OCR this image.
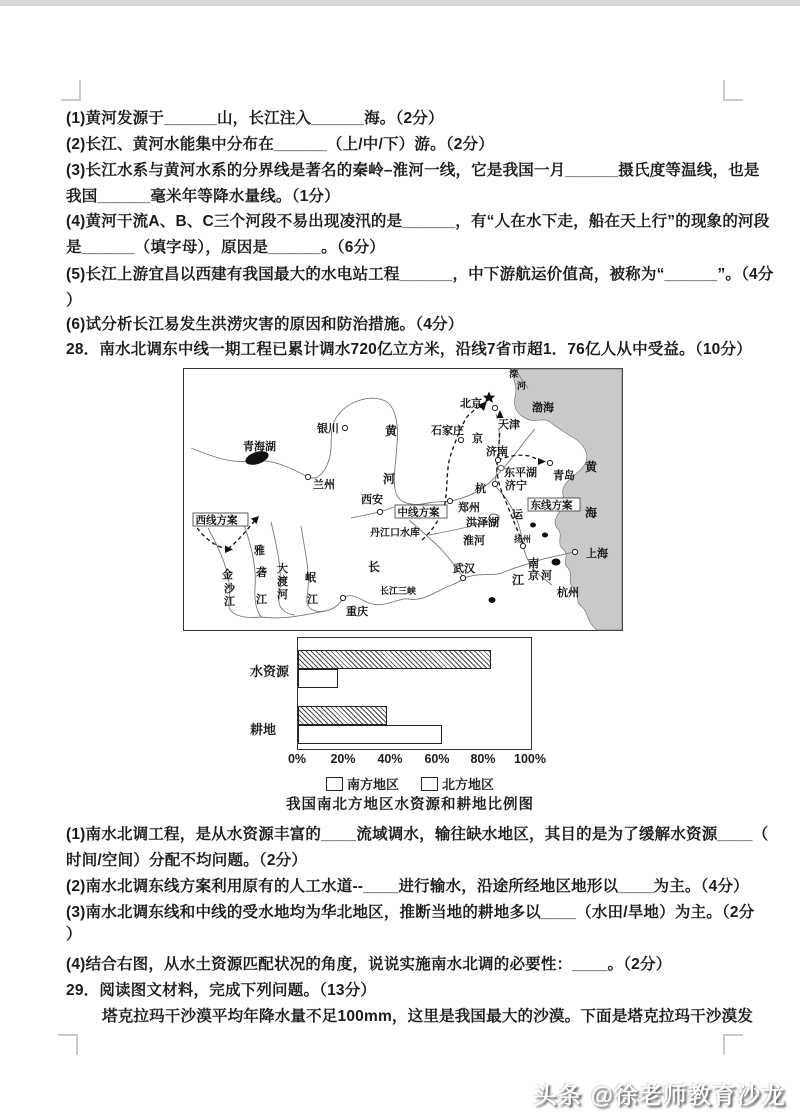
(1)黄河发源于______山，长江注入______海。（2分）
(2)长江、黄河水能集中分布在______（上/中/下）游。（2分）
(3)长江水系与黄河水系的分界线是著名的秦岭–淮河一线，它是我国一月______摄氏度等温线，也是
我国______毫米年等降水量线。（1分）
(4)黄河干流A、B、C三个河段不易出现凌汛的是______，有“人在水下走，船在天上行”的现象的河段
是______（填字母），原因是______。（6分）
(5)长江上游宜昌以西建有我国最大的水电站工程______，中下游航运价值高，被称为“______”。（4分
）
(6)试分析长江易发生洪涝灾害的原因和防治措施。（4分）
28．南水北调东中线一期工程已累计调水720亿立方米，沿线7省市超1．76亿人从中受益。（10分）
西线方案
中线方案
东线方案
青海湖
银川	黄
河
北京
石家庄	天津
渤海
滦
河
济南
东平湖
济宁
青岛
黄
海
郑州
西安
兰州
丹江口水库
洪泽湖
淮河	扬州
上海
武汉
长
江
长江三峡
重庆
岷
江
大
渡
河
雅
砻
江
金
沙
江
南
京
京
杭
运
河
杭州
水资源
耕地
0% 20% 40% 60% 80% 100%
南方地区	北方地区
我国南北方地区水资源和耕地比例图
(1)南水北调工程，是从水资源丰富的____流域调水，输往缺水地区，其目的是为了缓解水资源____（
时间/空间）分配不均问题。（2分）
(2)南水北调东线方案利用原有的人工水道--____进行输水，沿途所经地区地形以____为主。（4分）
(3)南水北调东线和中线的受水地均为华北地区，推断当地的耕地多以____（水田/旱地）为主。（2分
）
(4)结合右图，从水土资源匹配状况的角度，说说实施南水北调的必要性：____。（2分）
29．阅读图文材料，完成下列问题。（13分）
塔克拉玛干沙漠平均年降水量不足100mm，这里是我国最大的沙漠。下面是塔克拉玛干沙漠发
头条 @徐老师教育沙龙
